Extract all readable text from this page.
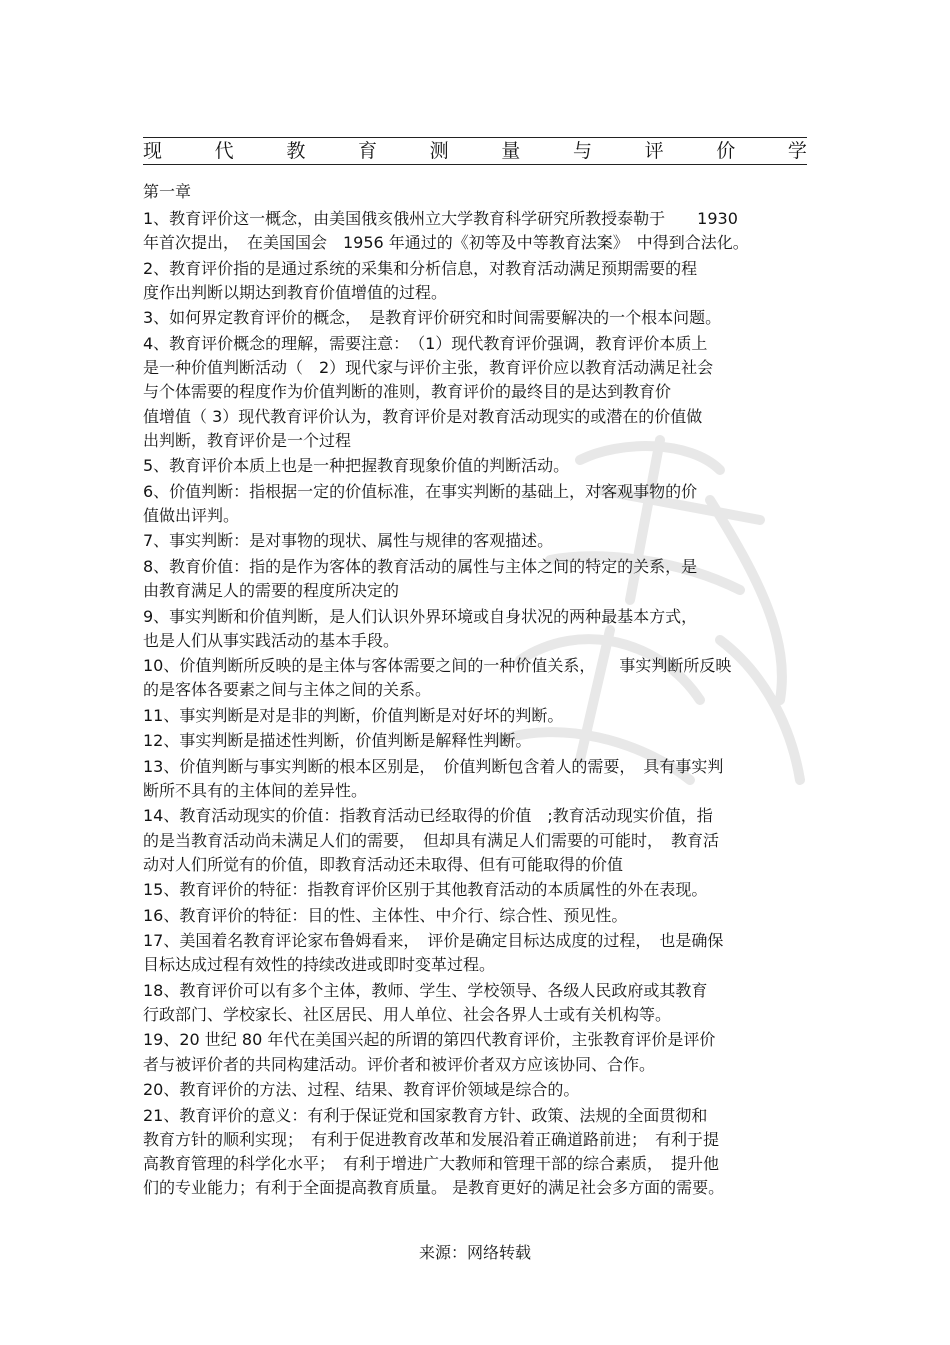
现	代	教	育	测	量	与	评	价	学
第一章
1、教育评价这一概念，由美国俄亥俄州立大学教育科学研究所教授泰勒于　　1930
年首次提出，　在美国国会　1956 年通过的《初等及中等教育法案》　中得到合法化。
2、教育评价指的是通过系统的采集和分析信息，对教育活动满足预期需要的程
度作出判断以期达到教育价值增值的过程。
3、如何界定教育评价的概念，　是教育评价研究和时间需要解决的一个根本问题。
4、教育评价概念的理解，需要注意：　（1）现代教育评价强调，教育评价本质上
是一种价值判断活动（　2）现代家与评价主张，教育评价应以教育活动满足社会
与个体需要的程度作为价值判断的准则，教育评价的最终目的是达到教育价
值增值（ 3）现代教育评价认为，教育评价是对教育活动现实的或潜在的价值做
出判断，教育评价是一个过程
5、教育评价本质上也是一种把握教育现象价值的判断活动。
6、价值判断：指根据一定的价值标准，在事实判断的基础上，对客观事物的价
值做出评判。
7、事实判断：是对事物的现状、属性与规律的客观描述。
8、教育价值：指的是作为客体的教育活动的属性与主体之间的特定的关系，是
由教育满足人的需要的程度所决定的
9、事实判断和价值判断，是人们认识外界环境或自身状况的两种最基本方式，
也是人们从事实践活动的基本手段。
10、价值判断所反映的是主体与客体需要之间的一种价值关系，　　事实判断所反映
的是客体各要素之间与主体之间的关系。
11、事实判断是对是非的判断，价值判断是对好坏的判断。
12、事实判断是描述性判断，价值判断是解释性判断。
13、价值判断与事实判断的根本区别是，　价值判断包含着人的需要，　具有事实判
断所不具有的主体间的差异性。
14、教育活动现实的价值：指教育活动已经取得的价值　;教育活动现实价值，指
的是当教育活动尚未满足人们的需要，　但却具有满足人们需要的可能时，　教育活
动对人们所觉有的价值，即教育活动还未取得、但有可能取得的价值
15、教育评价的特征：指教育评价区别于其他教育活动的本质属性的外在表现。
16、教育评价的特征：目的性、主体性、中介行、综合性、预见性。
17、美国着名教育评论家布鲁姆看来，　评价是确定目标达成度的过程，　也是确保
目标达成过程有效性的持续改进或即时变革过程。
18、教育评价可以有多个主体，教师、学生、学校领导、各级人民政府或其教育
行政部门、学校家长、社区居民、用人单位、社会各界人士或有关机构等。
19、20 世纪 80 年代在美国兴起的所谓的第四代教育评价，主张教育评价是评价
者与被评价者的共同构建活动。评价者和被评价者双方应该协同、合作。
20、教育评价的方法、过程、结果、教育评价领域是综合的。
21、教育评价的意义：有利于保证党和国家教育方针、政策、法规的全面贯彻和
教育方针的顺利实现；　有利于促进教育改革和发展沿着正确道路前进；　有利于提
高教育管理的科学化水平；　有利于增进广大教师和管理干部的综合素质，　提升他
们的专业能力；有利于全面提高教育质量。 是教育更好的满足社会多方面的需要。
来源：网络转载
